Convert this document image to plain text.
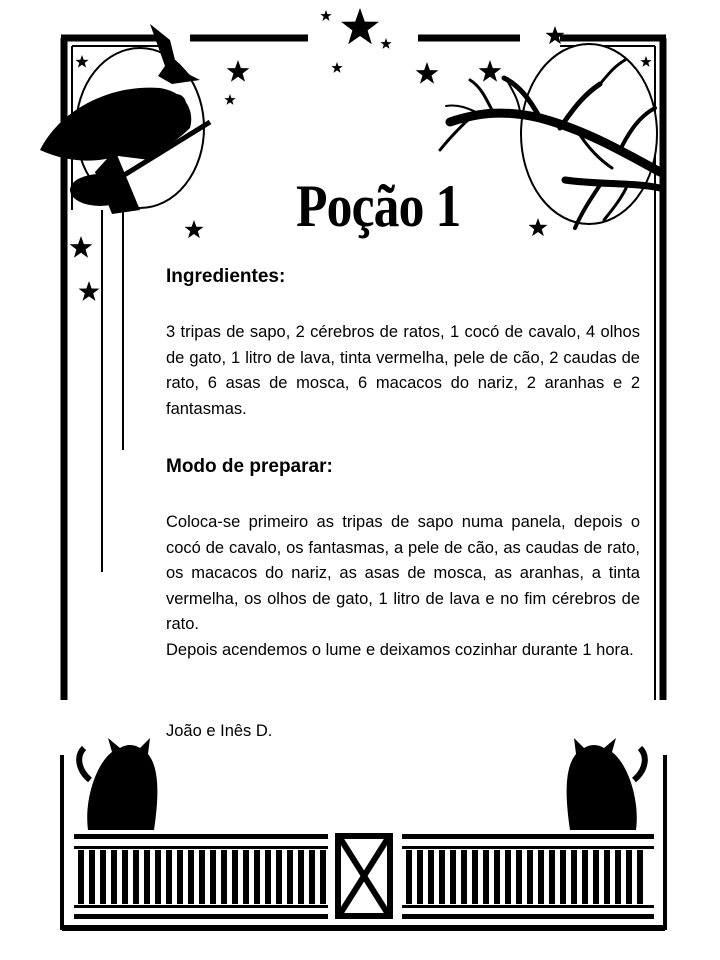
Poção 1
Ingredientes:

3 tripas de sapo, 2 cérebros de ratos, 1 cocó de cavalo, 4 olhos de gato, 1 litro de lava, tinta vermelha, pele de cão, 2 caudas de rato, 6 asas de mosca, 6 macacos do nariz, 2 aranhas e 2 fantasmas.

Modo de preparar:

Coloca-se primeiro as tripas de sapo numa panela, depois o cocó de cavalo, os fantasmas, a pele de cão, as caudas de rato, os macacos do nariz, as asas de mosca, as aranhas, a tinta vermelha, os olhos de gato, 1 litro de lava e no fim cérebros de rato.

Depois acendemos o lume e deixamos cozinhar durante 1 hora.

João e Inês D.
